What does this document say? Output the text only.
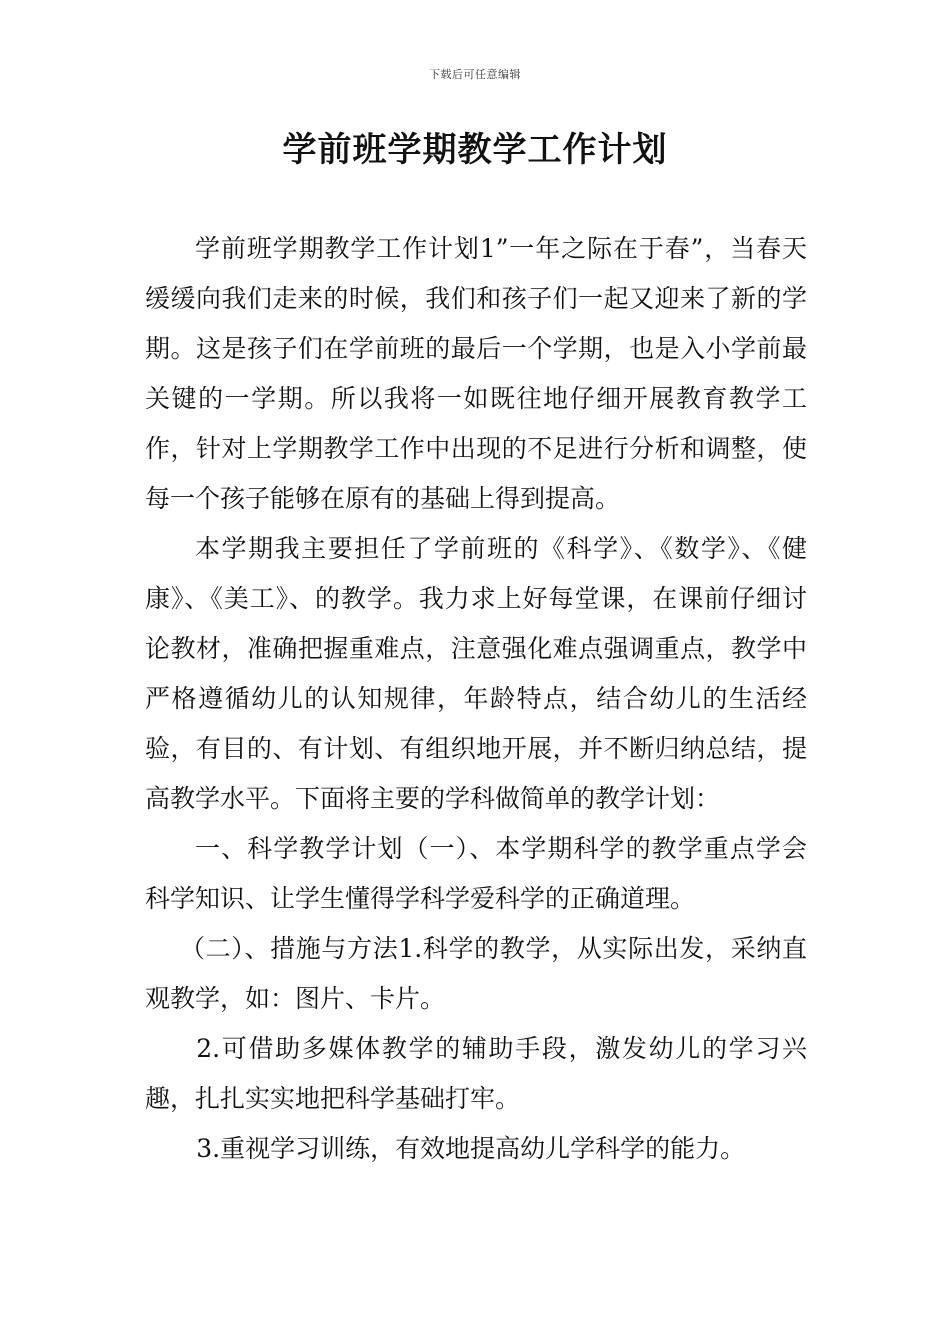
下载后可任意编辑
学前班学期教学工作计划

学前班学期教学工作计划1”一年之际在于春”，当春天缓缓向我们走来的时候，我们和孩子们一起又迎来了新的学期。这是孩子们在学前班的最后一个学期，也是入小学前最关键的一学期。所以我将一如既往地仔细开展教育教学工作，针对上学期教学工作中出现的不足进行分析和调整，使每一个孩子能够在原有的基础上得到提高。

本学期我主要担任了学前班的《科学》、《数学》、《健康》、《美工》、的教学。我力求上好每堂课，在课前仔细讨论教材，准确把握重难点，注意强化难点强调重点，教学中严格遵循幼儿的认知规律，年龄特点，结合幼儿的生活经验，有目的、有计划、有组织地开展，并不断归纳总结，提高教学水平。下面将主要的学科做简单的教学计划：

一、科学教学计划（一）、本学期科学的教学重点学会科学知识、让学生懂得学科学爱科学的正确道理。

（二）、措施与方法1.科学的教学，从实际出发，采纳直观教学，如：图片、卡片。

2.可借助多媒体教学的辅助手段，激发幼儿的学习兴趣，扎扎实实地把科学基础打牢。

3.重视学习训练，有效地提高幼儿学科学的能力。
